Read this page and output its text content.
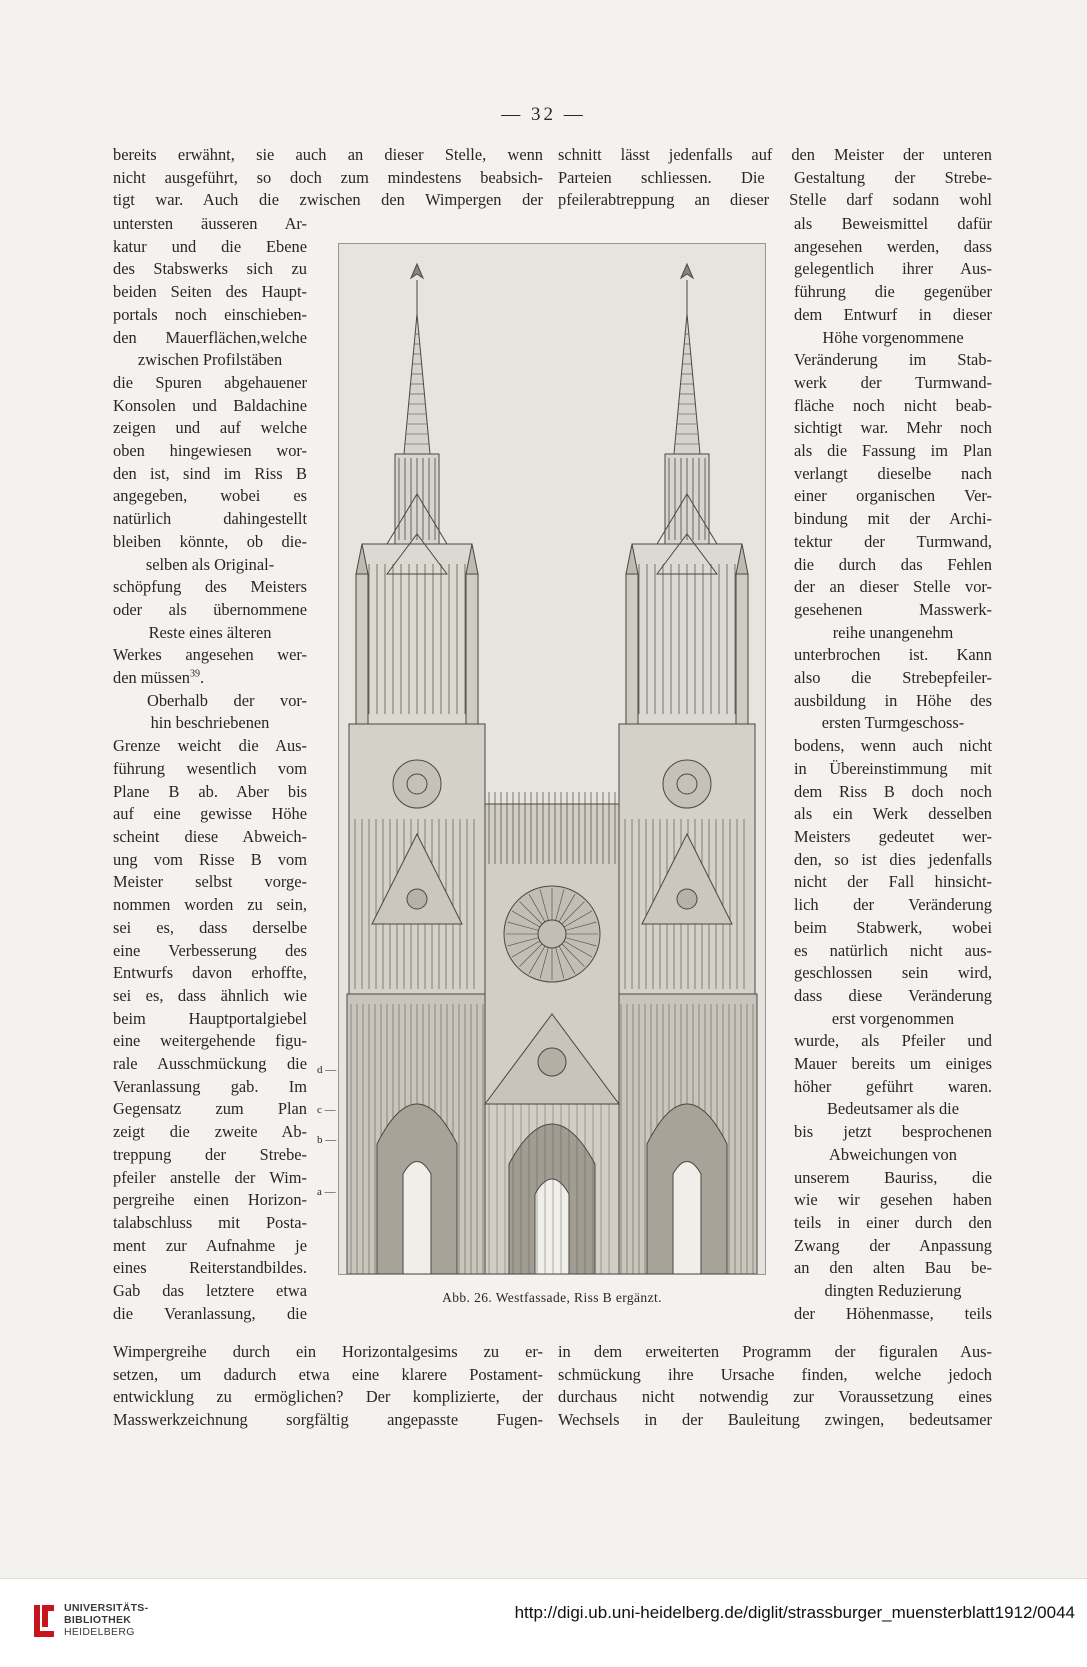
— 32 —
bereits erwähnt, sie auch an dieser Stelle, wenn
nicht ausgeführt, so doch zum mindestens beabsich-
tigt war. Auch die zwischen den Wimpergen der
schnitt lässt jedenfalls auf den Meister der unteren
Parteien schliessen. Die Gestaltung der Strebe-
pfeilerabtreppung an dieser Stelle darf sodann wohl
untersten äusseren Ar-
katur und die Ebene
des Stabswerks sich zu
beiden Seiten des Haupt-
portals noch einschieben-
den Mauerflächen,welche
zwischen Profilstäben
die Spuren abgehauener
Konsolen und Baldachine
zeigen und auf welche
oben hingewiesen wor-
den ist, sind im Riss B
angegeben, wobei es
natürlich dahingestellt
bleiben könnte, ob die-
selben als Original-
schöpfung des Meisters
oder als übernommene
Reste eines älteren
Werkes angesehen wer-
den müssen$^{39}$.
Oberhalb der vor-
hin beschriebenen
Grenze weicht die Aus-
führung wesentlich vom
Plane B ab. Aber bis
auf eine gewisse Höhe
scheint diese Abweich-
ung vom Risse B vom
Meister selbst vorge-
nommen worden zu sein,
sei es, dass derselbe
eine Verbesserung des
Entwurfs davon erhoffte,
sei es, dass ähnlich wie
beim Hauptportalgiebel
eine weitergehende figu-
rale Ausschmückung die
Veranlassung gab. Im
Gegensatz zum Plan
zeigt die zweite Ab-
treppung der Strebe-
pfeiler anstelle der Wim-
pergreihe einen Horizon-
talabschluss mit Posta-
ment zur Aufnahme je
eines Reiterstandbildes.
Gab das letztere etwa
die Veranlassung, die
als Beweismittel dafür
angesehen werden, dass
gelegentlich ihrer Aus-
führung die gegenüber
dem Entwurf in dieser
Höhe vorgenommene
Veränderung im Stab-
werk der Turmwand-
fläche noch nicht beab-
sichtigt war. Mehr noch
als die Fassung im Plan
verlangt dieselbe nach
einer organischen Ver-
bindung mit der Archi-
tektur der Turmwand,
die durch das Fehlen
der an dieser Stelle vor-
gesehenen Masswerk-
reihe unangenehm
unterbrochen ist. Kann
also die Strebepfeiler-
ausbildung in Höhe des
ersten Turmgeschoss-
bodens, wenn auch nicht
in Übereinstimmung mit
dem Riss B doch noch
als ein Werk desselben
Meisters gedeutet wer-
den, so ist dies jedenfalls
nicht der Fall hinsicht-
lich der Veränderung
beim Stabwerk, wobei
es natürlich nicht aus-
geschlossen sein wird,
dass diese Veränderung
erst vorgenommen
wurde, als Pfeiler und
Mauer bereits um einiges
höher geführt waren.
Bedeutsamer als die
bis jetzt besprochenen
Abweichungen von
unserem Bauriss, die
wie wir gesehen haben
teils in einer durch den
Zwang der Anpassung
an den alten Bau be-
dingten Reduzierung
der Höhenmasse, teils
Abb. 26. Westfassade, Riss B ergänzt.
d —
c —
b —
a —
Wimpergreihe durch ein Horizontalgesims zu er-
setzen, um dadurch etwa eine klarere Postament-
entwicklung zu ermöglichen? Der komplizierte, der
Masswerkzeichnung sorgfältig angepasste Fugen-
in dem erweiterten Programm der figuralen Aus-
schmückung ihre Ursache finden, welche jedoch
durchaus nicht notwendig zur Voraussetzung eines
Wechsels in der Bauleitung zwingen, bedeutsamer
UNIVERSITÄTS-
BIBLIOTHEK
HEIDELBERG
http://digi.ub.uni-heidelberg.de/diglit/strassburger_muensterblatt1912/0044
